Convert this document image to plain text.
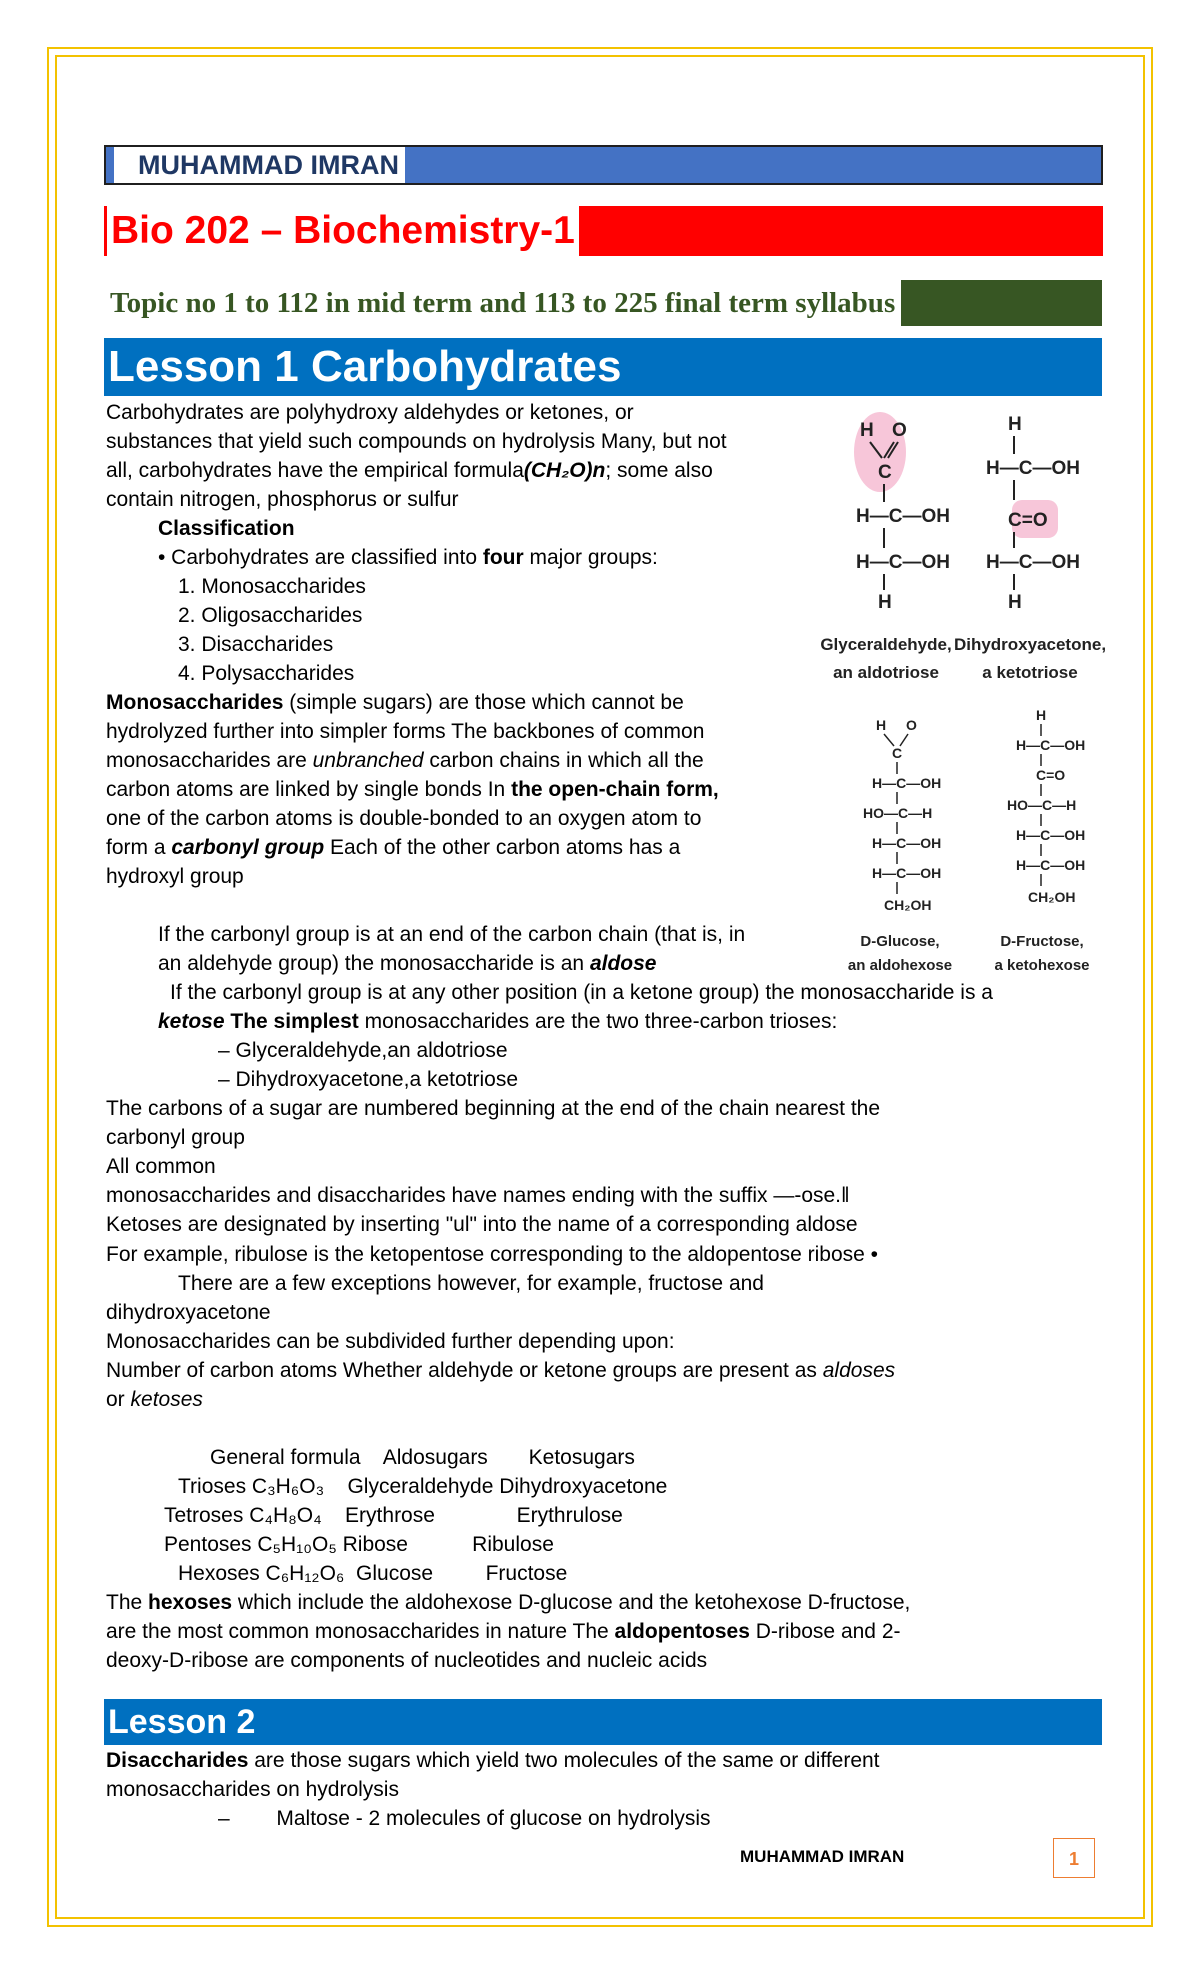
MUHAMMAD IMRAN
Bio 202 – Biochemistry-1
Topic no 1 to 112 in mid term and 113 to 225 final term syllabus
Lesson 1 Carbohydrates
Carbohydrates are polyhydroxy aldehydes or ketones, or
substances that yield such compounds on hydrolysis Many, but not
all, carbohydrates have the empirical formula(CH₂O)n; some also
contain nitrogen, phosphorus or sulfur
Classification
• Carbohydrates are classified into four major groups:
1. Monosaccharides
2. Oligosaccharides
3. Disaccharides
4. Polysaccharides
Monosaccharides (simple sugars) are those which cannot be
hydrolyzed further into simpler forms The backbones of common
monosaccharides are unbranched carbon chains in which all the
carbon atoms are linked by single bonds In the open-chain form,
one of the carbon atoms is double-bonded to an oxygen atom to
form a carbonyl group Each of the other carbon atoms has a
hydroxyl group
If the carbonyl group is at an end of the carbon chain (that is, in
an aldehyde group) the monosaccharide is an aldose
If the carbonyl group is at any other position (in a ketone group) the monosaccharide is a
ketose The simplest monosaccharides are the two three-carbon trioses:
– Glyceraldehyde,an aldotriose
– Dihydroxyacetone,a ketotriose
The carbons of a sugar are numbered beginning at the end of the chain nearest the
carbonyl group
All common
monosaccharides and disaccharides have names ending with the suffix ―-ose.‖
Ketoses are designated by inserting "ul" into the name of a corresponding aldose
For example, ribulose is the ketopentose corresponding to the aldopentose ribose •
There are a few exceptions however, for example, fructose and
dihydroxyacetone
Monosaccharides can be subdivided further depending upon:
Number of carbon atoms Whether aldehyde or ketone groups are present as aldoses
or ketoses
General formula    Aldosugars       Ketosugars
Trioses C₃H₆O₃    Glyceraldehyde Dihydroxyacetone
Tetroses C₄H₈O₄    Erythrose              Erythrulose
Pentoses C₅H₁₀O₅ Ribose           Ribulose
Hexoses C₆H₁₂O₆  Glucose         Fructose
The hexoses which include the aldohexose D-glucose and the ketohexose D-fructose,
are the most common monosaccharides in nature The aldopentoses D-ribose and 2-
deoxy-D-ribose are components of nucleotides and nucleic acids
H O
C
H—C—OH
H—C—OH
H
H
H—C—OH
C=O
H—C—OH
H
Glyceraldehyde,
an aldotriose
Dihydroxyacetone,
a ketotriose
H O
C
H—C—OH
HO—C—H
H—C—OH
H—C—OH
CH₂OH
H
H—C—OH
C=O
HO—C—H
H—C—OH
H—C—OH
CH₂OH
D-Glucose,
an aldohexose
D-Fructose,
a ketohexose
Lesson 2
Disaccharides are those sugars which yield two molecules of the same or different
monosaccharides on hydrolysis
–        Maltose - 2 molecules of glucose on hydrolysis
MUHAMMAD IMRAN	1
